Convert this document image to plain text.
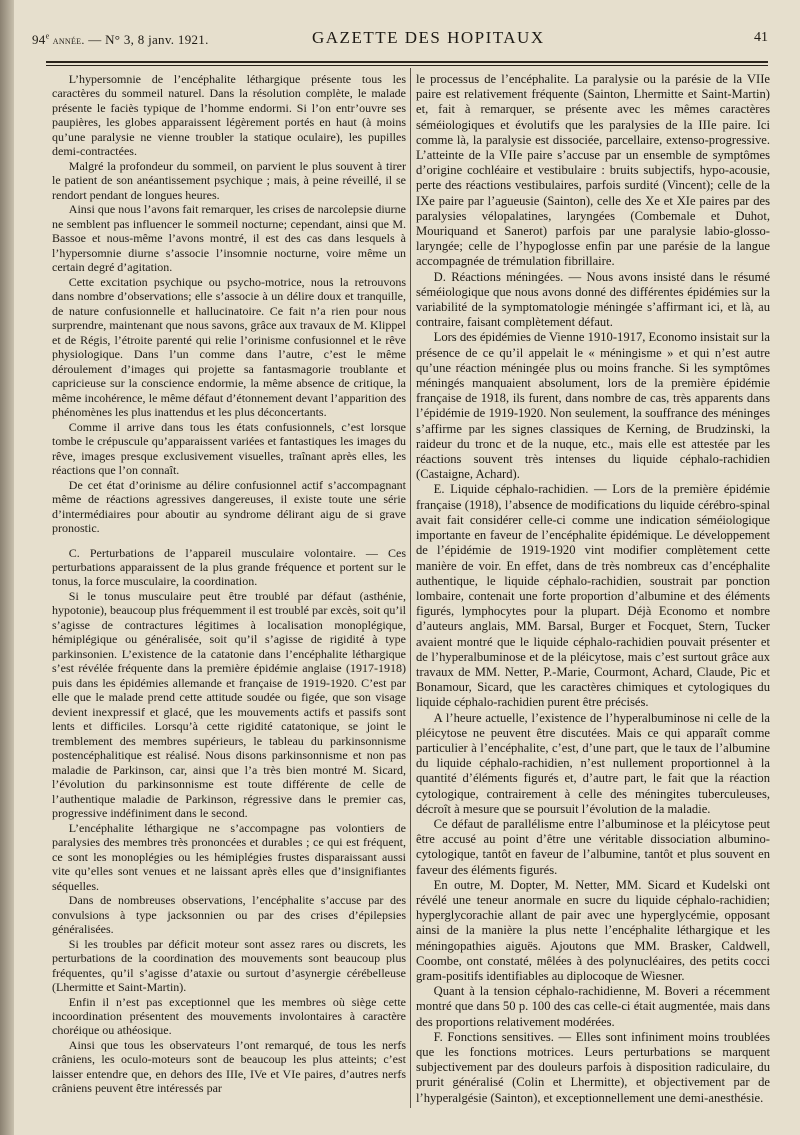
94e année. — N° 3, 8 janv. 1921.	GAZETTE DES HOPITAUX	41

L’hypersomnie de l’encéphalite léthargique présente tous les caractères du sommeil naturel. Dans la résolution complète, le malade présente le faciès typique de l’homme endormi. Si l’on entr’ouvre ses paupières, les globes apparaissent légèrement portés en haut (à moins qu’une paralysie ne vienne troubler la statique oculaire), les pupilles demi-contractées.

Malgré la profondeur du sommeil, on parvient le plus souvent à tirer le patient de son anéantissement psychique ; mais, à peine réveillé, il se rendort pendant de longues heures.

Ainsi que nous l’avons fait remarquer, les crises de narcolepsie diurne ne semblent pas influencer le sommeil nocturne; cependant, ainsi que M. Bassoe et nous-même l’avons montré, il est des cas dans lesquels à l’hypersomnie diurne s’associe l’insomnie nocturne, voire même un certain degré d’agitation.

Cette excitation psychique ou psycho-motrice, nous la retrouvons dans nombre d’observations; elle s’associe à un délire doux et tranquille, de nature confusionnelle et hallucinatoire. Ce fait n’a rien pour nous surprendre, maintenant que nous savons, grâce aux travaux de M. Klippel et de Régis, l’étroite parenté qui relie l’orinisme confusionnel et le rêve physiologique. Dans l’un comme dans l’autre, c’est le même déroulement d’images qui projette sa fantasmagorie troublante et capricieuse sur la conscience endormie, la même absence de critique, la même incohérence, le même défaut d’étonnement devant l’apparition des phénomènes les plus inattendus et les plus déconcertants.

Comme il arrive dans tous les états confusionnels, c’est lorsque tombe le crépuscule qu’apparaissent variées et fantastiques les images du rêve, images presque exclusivement visuelles, traînant après elles, les réactions que l’on connaît.

De cet état d’orinisme au délire confusionnel actif s’accompagnant même de réactions agressives dangereuses, il existe toute une série d’intermédiaires pour aboutir au syndrome délirant aigu de si grave pronostic.

C. Perturbations de l’appareil musculaire volontaire. — Ces perturbations apparaissent de la plus grande fréquence et portent sur le tonus, la force musculaire, la coordination.

Si le tonus musculaire peut être troublé par défaut (asthénie, hypotonie), beaucoup plus fréquemment il est troublé par excès, soit qu’il s’agisse de contractures légitimes à localisation monoplégique, hémiplégique ou généralisée, soit qu’il s’agisse de rigidité à type parkinsonien. L’existence de la catatonie dans l’encéphalite léthargique s’est révélée fréquente dans la première épidémie anglaise (1917-1918) puis dans les épidémies allemande et française de 1919-1920. C’est par elle que le malade prend cette attitude soudée ou figée, que son visage devient inexpressif et glacé, que les mouvements actifs et passifs sont lents et difficiles. Lorsqu’à cette rigidité catatonique, se joint le tremblement des membres supérieurs, le tableau du parkinsonnisme postencéphalitique est réalisé. Nous disons parkinsonnisme et non pas maladie de Parkinson, car, ainsi que l’a très bien montré M. Sicard, l’évolution du parkinsonnisme est toute différente de celle de l’authentique maladie de Parkinson, régressive dans le premier cas, progressive indéfiniment dans le second.

L’encéphalite léthargique ne s’accompagne pas volontiers de paralysies des membres très prononcées et durables ; ce qui est fréquent, ce sont les monoplégies ou les hémiplégies frustes disparaissant aussi vite qu’elles sont venues et ne laissant après elles que d’insignifiantes séquelles.

Dans de nombreuses observations, l’encéphalite s’accuse par des convulsions à type jacksonnien ou par des crises d’épilepsies généralisées.

Si les troubles par déficit moteur sont assez rares ou discrets, les perturbations de la coordination des mouvements sont beaucoup plus fréquentes, qu’il s’agisse d’ataxie ou surtout d’asynergie cérébelleuse (Lhermitte et Saint-Martin).

Enfin il n’est pas exceptionnel que les membres où siège cette incoordination présentent des mouvements involontaires à caractère choréique ou athéosique.

Ainsi que tous les observateurs l’ont remarqué, de tous les nerfs crâniens, les oculo-moteurs sont de beaucoup les plus atteints; c’est laisser entendre que, en dehors des IIIe, IVe et VIe paires, d’autres nerfs crâniens peuvent être intéressés par

le processus de l’encéphalite. La paralysie ou la parésie de la VIIe paire est relativement fréquente (Sainton, Lhermitte et Saint-Martin) et, fait à remarquer, se présente avec les mêmes caractères séméiologiques et évolutifs que les paralysies de la IIIe paire. Ici comme là, la paralysie est dissociée, parcellaire, extenso-progressive. L’atteinte de la VIIe paire s’accuse par un ensemble de symptômes d’origine cochléaire et vestibulaire : bruits subjectifs, hypo-acousie, perte des réactions vestibulaires, parfois surdité (Vincent); celle de la IXe paire par l’agueusie (Sainton), celle des Xe et XIe paires par des paralysies vélopalatines, laryngées (Combemale et Duhot, Mouriquand et Sanerot) parfois par une paralysie labio-glosso-laryngée; celle de l’hypoglosse enfin par une parésie de la langue accompagnée de trémulation fibrillaire.

D. Réactions méningées. — Nous avons insisté dans le résumé séméiologique que nous avons donné des différentes épidémies sur la variabilité de la symptomatologie méningée s’affirmant ici, et là, au contraire, faisant complètement défaut.

Lors des épidémies de Vienne 1910-1917, Economo insistait sur la présence de ce qu’il appelait le « méningisme » et qui n’est autre qu’une réaction méningée plus ou moins franche. Si les symptômes méningés manquaient absolument, lors de la première épidémie française de 1918, ils furent, dans nombre de cas, très apparents dans l’épidémie de 1919-1920. Non seulement, la souffrance des méninges s’affirme par les signes classiques de Kerning, de Brudzinski, la raideur du tronc et de la nuque, etc., mais elle est attestée par les réactions souvent très intenses du liquide céphalo-rachidien (Castaigne, Achard).

E. Liquide céphalo-rachidien. — Lors de la première épidémie française (1918), l’absence de modifications du liquide cérébro-spinal avait fait considérer celle-ci comme une indication séméiologique importante en faveur de l’encéphalite épidémique. Le développement de l’épidémie de 1919-1920 vint modifier complètement cette manière de voir. En effet, dans de très nombreux cas d’encéphalite authentique, le liquide céphalo-rachidien, soustrait par ponction lombaire, contenait une forte proportion d’albumine et des éléments figurés, lymphocytes pour la plupart. Déjà Economo et nombre d’auteurs anglais, MM. Barsal, Burger et Focquet, Stern, Tucker avaient montré que le liquide céphalo-rachidien pouvait présenter et de l’hyperalbuminose et de la pléicytose, mais c’est surtout grâce aux travaux de MM. Netter, P.-Marie, Courmont, Achard, Claude, Pic et Bonamour, Sicard, que les caractères chimiques et cytologiques du liquide céphalo-rachidien purent être précisés.

A l’heure actuelle, l’existence de l’hyperalbuminose ni celle de la pléicytose ne peuvent être discutées. Mais ce qui apparaît comme particulier à l’encéphalite, c’est, d’une part, que le taux de l’albumine du liquide céphalo-rachidien, n’est nullement proportionnel à la quantité d’éléments figurés et, d’autre part, le fait que la réaction cytologique, contrairement à celle des méningites tuberculeuses, décroît à mesure que se poursuit l’évolution de la maladie.

Ce défaut de parallélisme entre l’albuminose et la pléicytose peut être accusé au point d’être une véritable dissociation albumino-cytologique, tantôt en faveur de l’albumine, tantôt et plus souvent en faveur des éléments figurés.

En outre, M. Dopter, M. Netter, MM. Sicard et Kudelski ont révélé une teneur anormale en sucre du liquide céphalo-rachidien; hyperglycorachie allant de pair avec une hyperglycémie, opposant ainsi de la manière la plus nette l’encéphalite léthargique et les méningopathies aiguës. Ajoutons que MM. Brasker, Caldwell, Coombe, ont constaté, mêlées à des polynucléaires, des petits cocci gram-positifs identifiables au diplocoque de Wiesner.

Quant à la tension céphalo-rachidienne, M. Boveri a récemment montré que dans 50 p. 100 des cas celle-ci était augmentée, mais dans des proportions relativement modérées.

F. Fonctions sensitives. — Elles sont infiniment moins troublées que les fonctions motrices. Leurs perturbations se marquent subjectivement par des douleurs parfois à disposition radiculaire, du prurit généralisé (Colin et Lhermitte), et objectivement par de l’hyperalgésie (Sainton), et exceptionnellement une demi-anesthésie.
